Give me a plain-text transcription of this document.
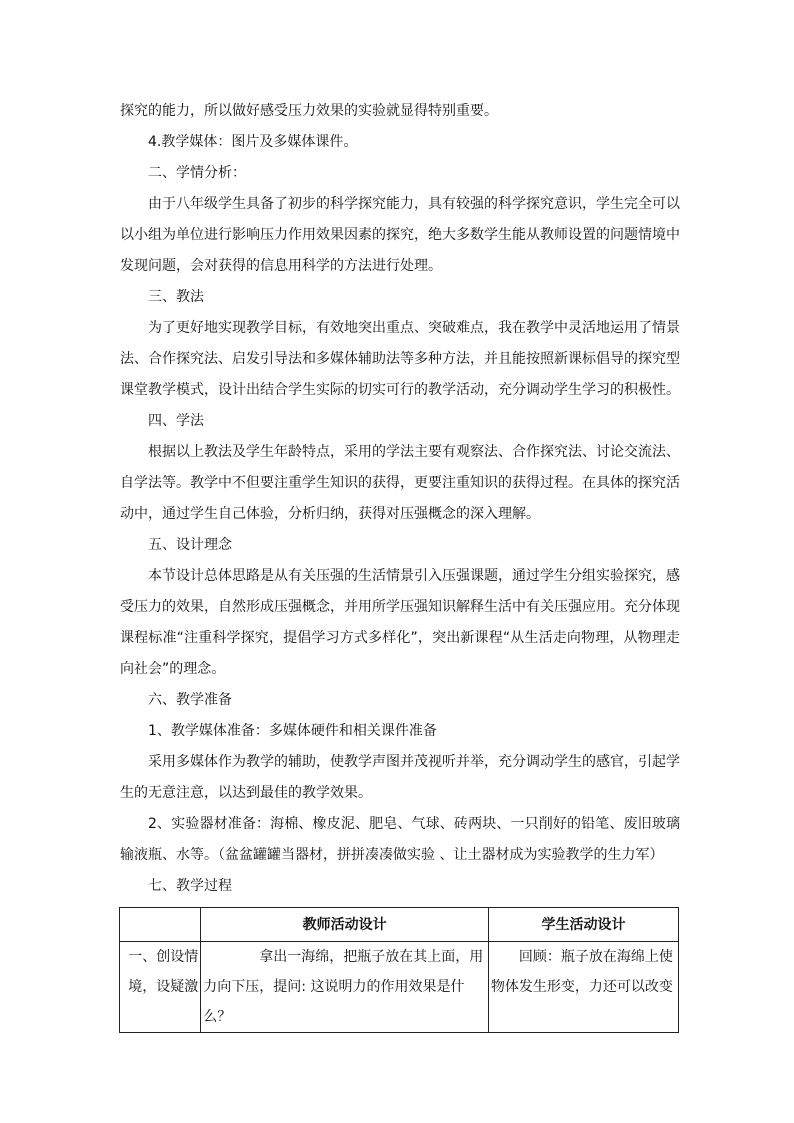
探究的能力，所以做好感受压力效果的实验就显得特别重要。

4.教学媒体：图片及多媒体课件。

二、学情分析：

由于八年级学生具备了初步的科学探究能力，具有较强的科学探究意识，学生完全可以以小组为单位进行影响压力作用效果因素的探究，绝大多数学生能从教师设置的问题情境中发现问题，会对获得的信息用科学的方法进行处理。

三、教法

为了更好地实现教学目标，有效地突出重点、突破难点，我在教学中灵活地运用了情景法、合作探究法、启发引导法和多媒体辅助法等多种方法，并且能按照新课标倡导的探究型课堂教学模式，设计出结合学生实际的切实可行的教学活动，充分调动学生学习的积极性。

四、学法

根据以上教法及学生年龄特点，采用的学法主要有观察法、合作探究法、讨论交流法、自学法等。教学中不但要注重学生知识的获得，更要注重知识的获得过程。在具体的探究活动中，通过学生自己体验，分析归纳，获得对压强概念的深入理解。

五、设计理念

本节设计总体思路是从有关压强的生活情景引入压强课题，通过学生分组实验探究，感受压力的效果，自然形成压强概念，并用所学压强知识解释生活中有关压强应用。充分体现课程标准“注重科学探究，提倡学习方式多样化”，突出新课程“从生活走向物理，从物理走向社会”的理念。

六、教学准备

1、教学媒体准备：多媒体硬件和相关课件准备

采用多媒体作为教学的辅助，使教学声图并茂视听并举，充分调动学生的感官，引起学生的无意注意，以达到最佳的教学效果。

2、实验器材准备：海棉、橡皮泥、肥皂、气球、砖两块、一只削好的铅笔、废旧玻璃输液瓶、水等。（盆盆罐罐当器材，拼拼凑凑做实验 、让土器材成为实验教学的生力军）

七、教学过程

	教师活动设计	学生活动设计
一、创设情境，设疑激	拿出一海绵，把瓶子放在其上面，用力向下压，提问: 这说明力的作用效果是什么？	回顾：瓶子放在海绵上使物体发生形变，力还可以改变
